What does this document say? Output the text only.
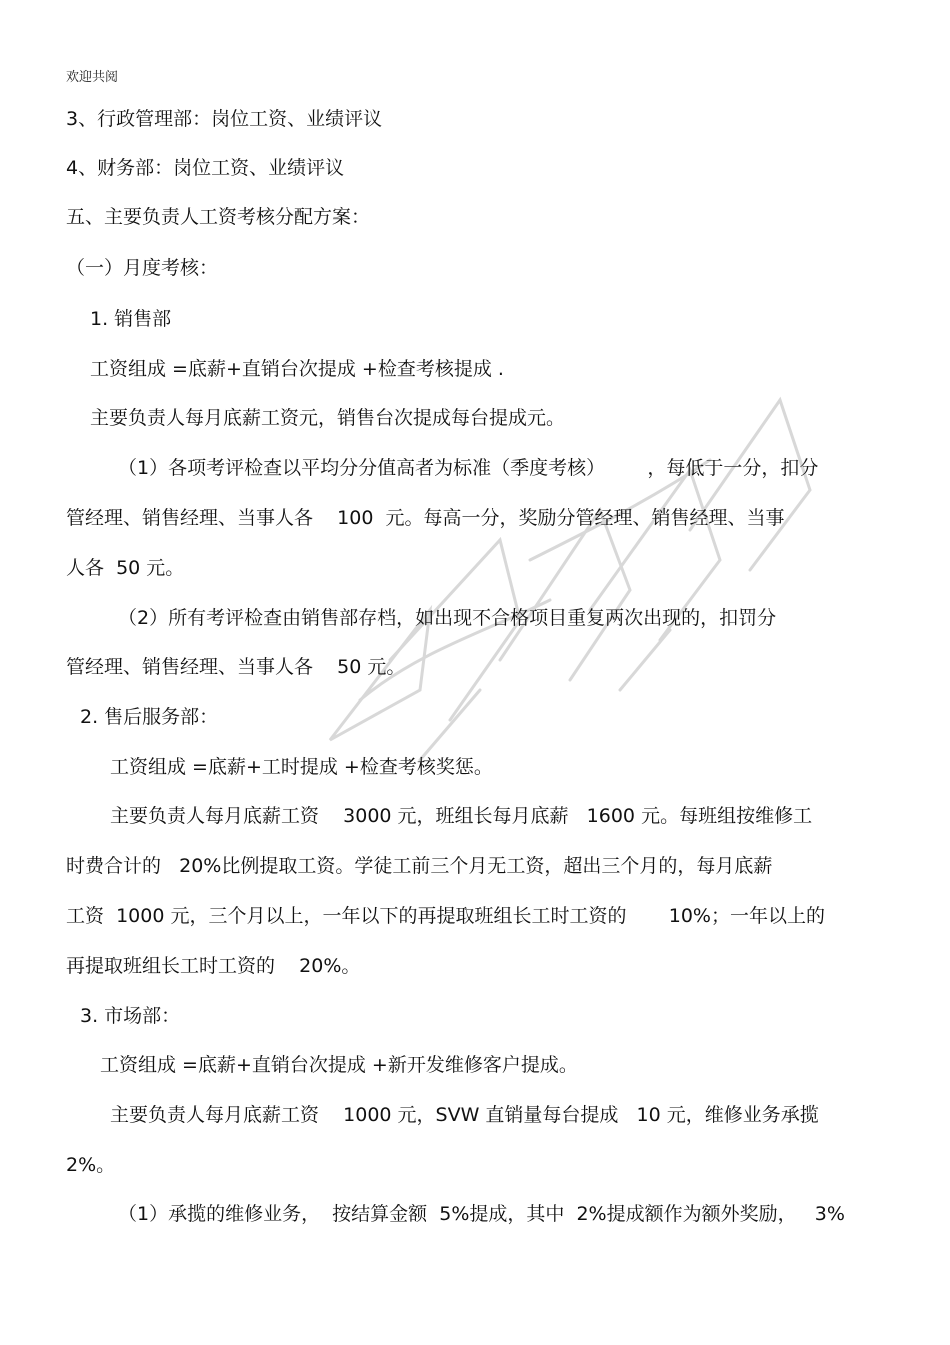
欢迎共阅
3、行政管理部：岗位工资、业绩评议
4、财务部：岗位工资、业绩评议
五、主要负责人工资考核分配方案：
（一）月度考核：
1. 销售部
工资组成 =底薪+直销台次提成 +检查考核提成 .
主要负责人每月底薪工资元，销售台次提成每台提成元。
（1）各项考评检查以平均分分值高者为标准（季度考核）       ，每低于一分，扣分
管经理、销售经理、当事人各    100  元。每高一分，奖励分管经理、销售经理、当事
人各  50 元。
（2）所有考评检查由销售部存档，如出现不合格项目重复两次出现的，扣罚分
管经理、销售经理、当事人各    50 元。
2. 售后服务部：
工资组成 =底薪+工时提成 +检查考核奖惩。
主要负责人每月底薪工资    3000 元，班组长每月底薪   1600 元。每班组按维修工
时费合计的   20%比例提取工资。学徒工前三个月无工资，超出三个月的，每月底薪
工资  1000 元，三个月以上，一年以下的再提取班组长工时工资的       10%；一年以上的
再提取班组长工时工资的    20%。
3. 市场部：
工资组成 =底薪+直销台次提成 +新开发维修客户提成。
主要负责人每月底薪工资    1000 元，SVW 直销量每台提成   10 元，维修业务承揽
2%。
（1）承揽的维修业务，  按结算金额  5%提成，其中  2%提成额作为额外奖励，   3%
